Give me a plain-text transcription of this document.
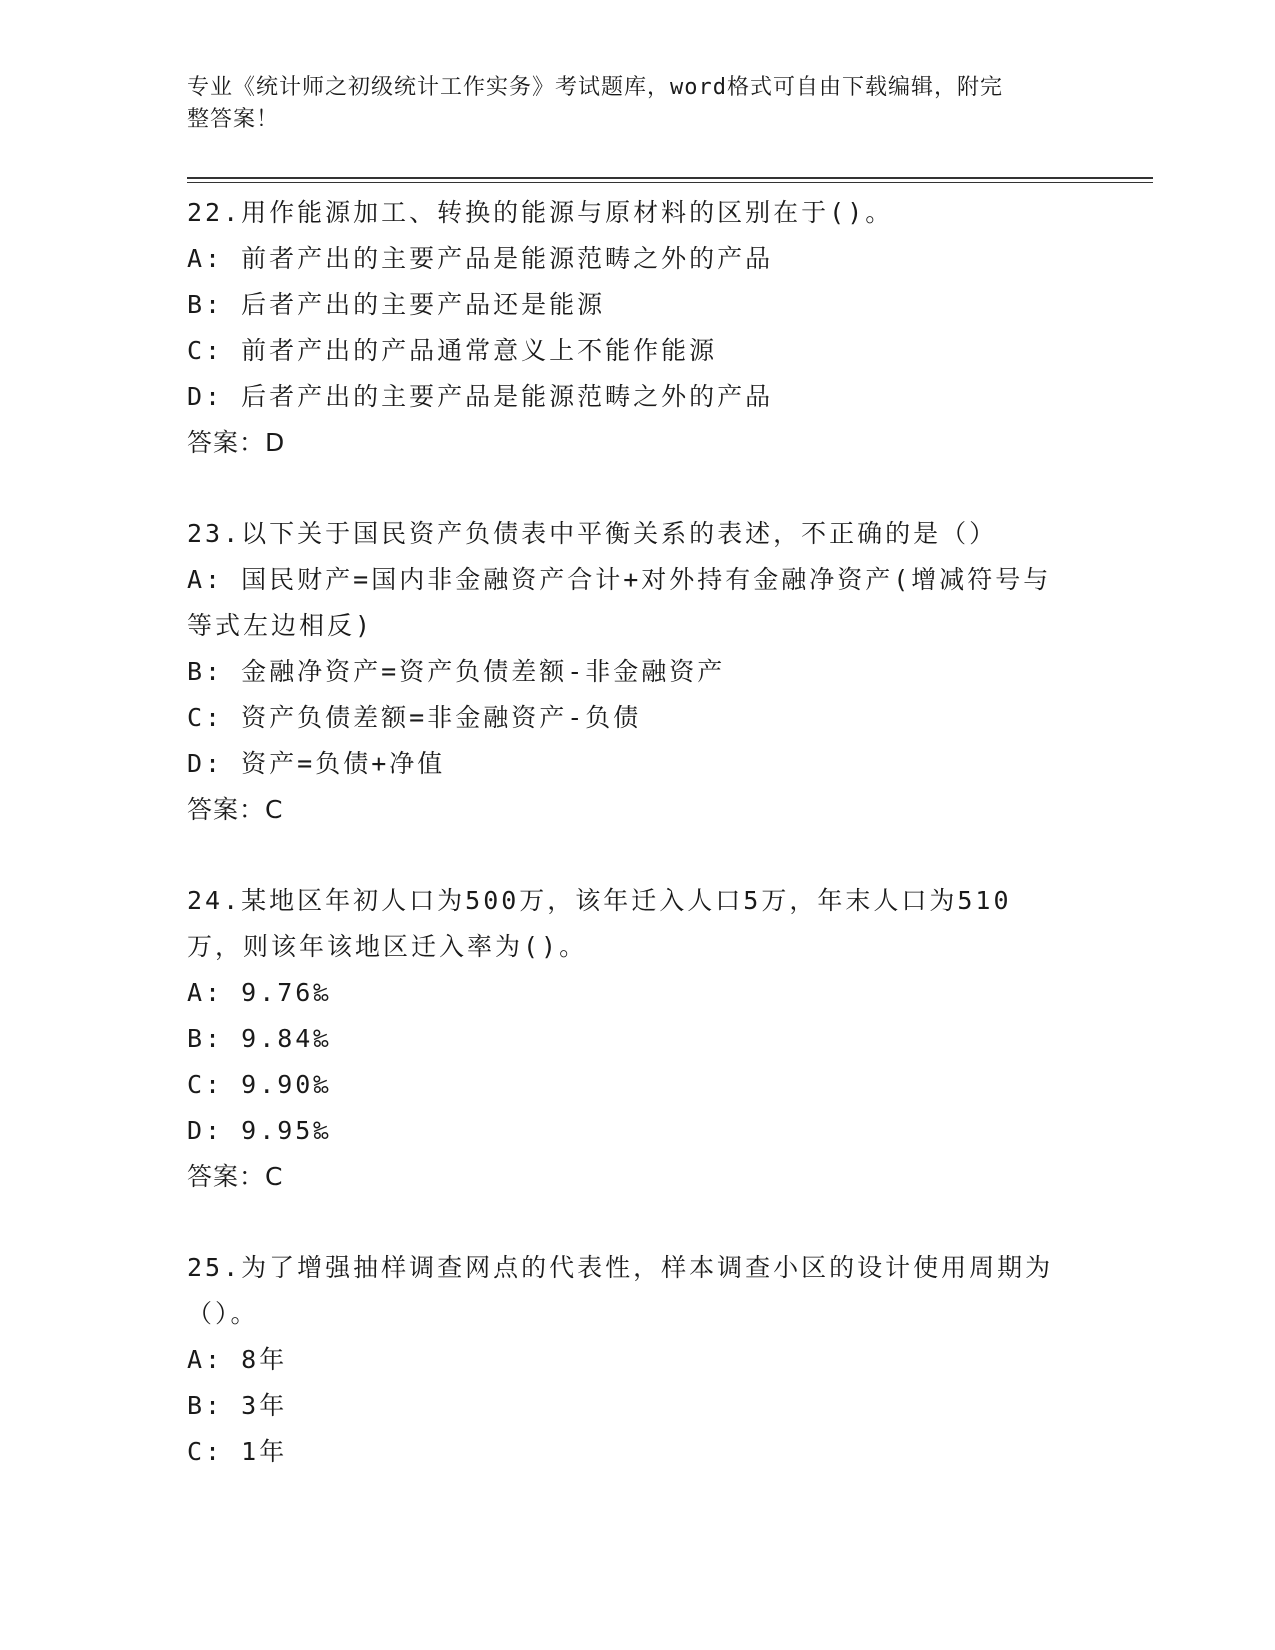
专业《统计师之初级统计工作实务》考试题库，word格式可自由下载编辑，附完
整答案！
22.用作能源加工、转换的能源与原材料的区别在于()。
A: 前者产出的主要产品是能源范畴之外的产品
B: 后者产出的主要产品还是能源
C: 前者产出的产品通常意义上不能作能源
D: 后者产出的主要产品是能源范畴之外的产品
答案：D
23.以下关于国民资产负债表中平衡关系的表述，不正确的是（）
A: 国民财产=国内非金融资产合计+对外持有金融净资产(增减符号与等式左边相反)
B: 金融净资产=资产负债差额-非金融资产
C: 资产负债差额=非金融资产-负债
D: 资产=负债+净值
答案：C
24.某地区年初人口为500万，该年迁入人口5万，年末人口为510万，则该年该地区迁入率为()。
A: 9.76‰
B: 9.84‰
C: 9.90‰
D: 9.95‰
答案：C
25.为了增强抽样调查网点的代表性，样本调查小区的设计使用周期为（）。
A: 8年
B: 3年
C: 1年
